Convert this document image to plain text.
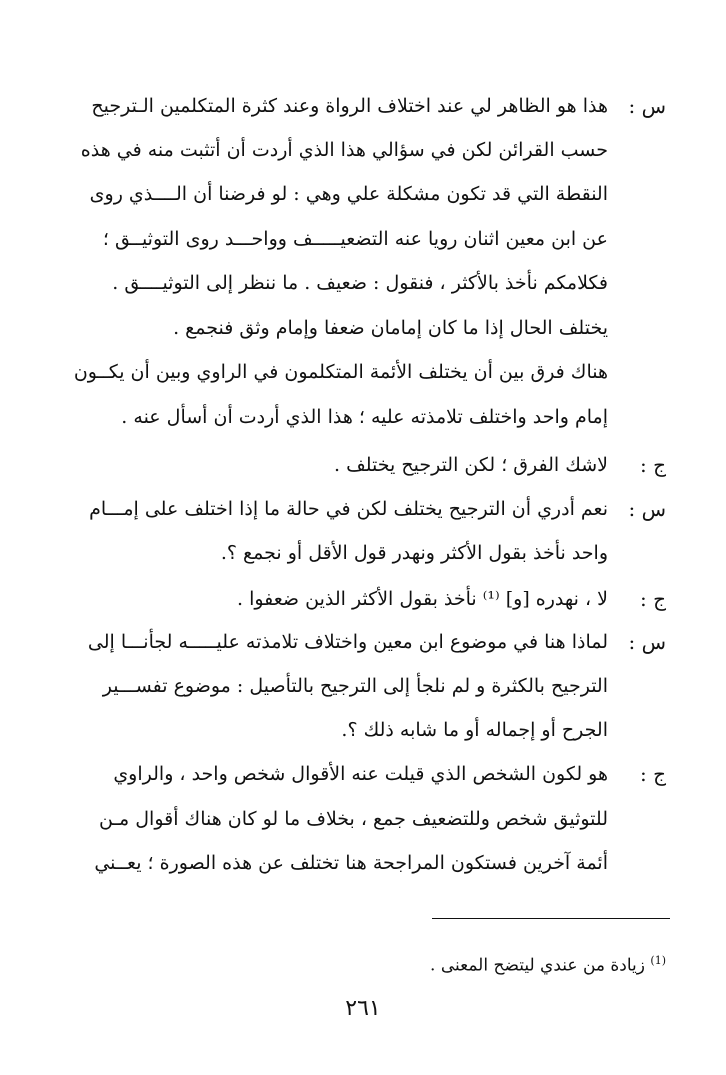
س :
ج :
س :
ج :
س :
ج :
هذا هو الظاهر لي عند اختلاف الرواة وعند كثرة المتكلمين الـترجيح
حسب القرائن لكن في سؤالي هذا الذي أردت أن أتثبت منه في هذه
النقطة التي قد تكون مشكلة علي وهي : لو فرضنا أن الــــذي روى
عن ابن معين اثنان رويا عنه التضعيـــــف وواحـــد روى التوثيــق ؛
فكلامكم نأخذ بالأكثر ، فنقول : ضعيف . ما ننظر إلى التوثيــــق .
يختلف الحال إذا ما كان إمامان ضعفا وإمام وثق فنجمع .
هناك فرق بين أن يختلف الأئمة المتكلمون في الراوي وبين أن يكــون
إمام واحد واختلف تلامذته عليه ؛ هذا الذي أردت أن أسأل عنه .
لاشك الفرق ؛ لكن الترجيح يختلف .
نعم أدري أن الترجيح يختلف لكن في حالة ما إذا اختلف على إمـــام
واحد نأخذ بقول الأكثر ونهدر قول الأقل أو نجمع ؟.
لا ، نهدره [و] ⁽¹⁾ نأخذ بقول الأكثر الذين ضعفوا .
لماذا هنا في موضوع ابن معين واختلاف تلامذته عليـــــه لجأنـــا إلى
الترجيح بالكثرة و لم نلجأ إلى الترجيح بالتأصيل : موضوع تفســـير
الجرح أو إجماله أو ما شابه ذلك ؟.
هو لكون الشخص الذي قيلت عنه الأقوال شخص واحد ، والراوي
للتوثيق شخص وللتضعيف جمع ، بخلاف ما لو كان هناك أقوال مـن
أئمة آخرين فستكون المراجحة هنا تختلف عن هذه الصورة ؛ يعــني
$^{(1)}$ زيادة من عندي ليتضح المعنى .
٢٦١
